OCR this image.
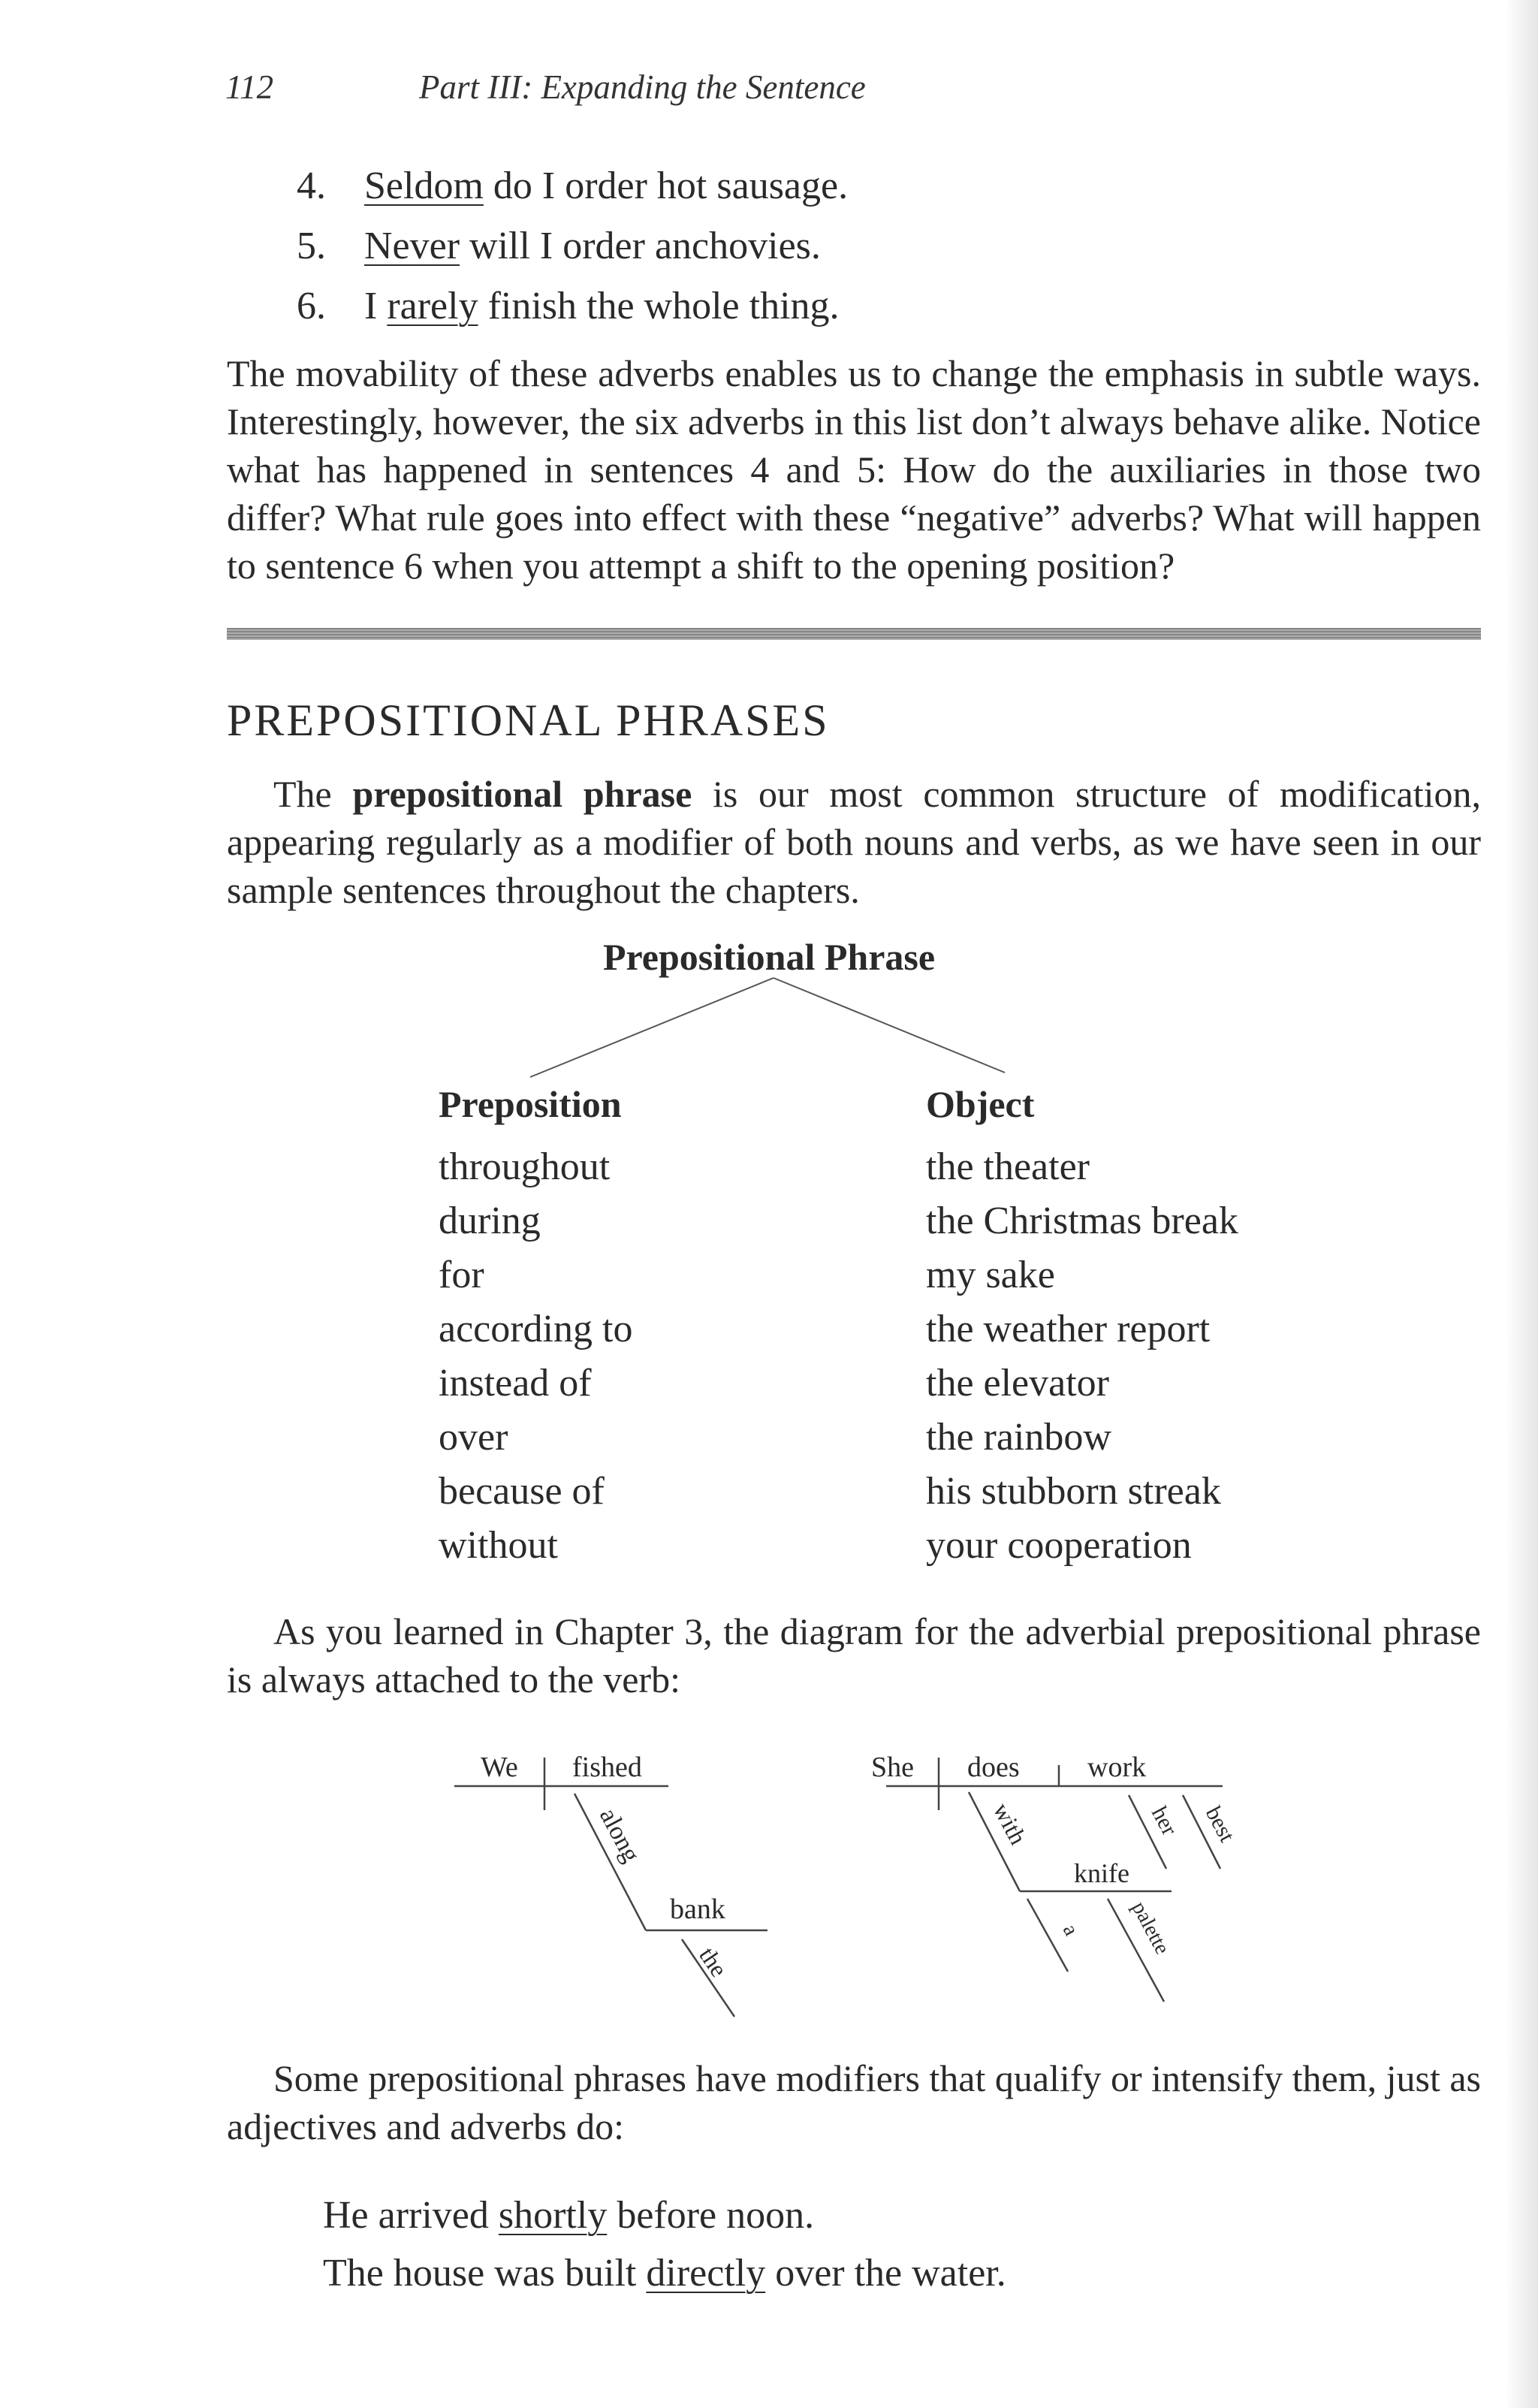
112	Part III: Expanding the Sentence
4. Seldom do I order hot sausage.
5. Never will I order anchovies.
6. I rarely finish the whole thing.

The movability of these adverbs enables us to change the emphasis in subtle ways. Interestingly, however, the six adverbs in this list don’t always behave alike. Notice what has happened in sentences 4 and 5: How do the auxiliaries in those two differ? What rule goes into effect with these “negative” adverbs? What will happen to sentence 6 when you attempt a shift to the opening position?

PREPOSITIONAL PHRASES

The prepositional phrase is our most common structure of modification, appearing regularly as a modifier of both nouns and verbs, as we have seen in our sample sentences throughout the chapters.

Prepositional Phrase
Preposition
throughout
during
for
according to
instead of
over
because of
without
Object
the theater
the Christmas break
my sake
the weather report
the elevator
the rainbow
his stubborn streak
your cooperation

As you learned in Chapter 3, the diagram for the adverbial prepositional phrase is always attached to the verb:

We fished
along
bank
the
She does work
with
knife
her best
a palette

Some prepositional phrases have modifiers that qualify or intensify them, just as adjectives and adverbs do:

He arrived shortly before noon.
The house was built directly over the water.
